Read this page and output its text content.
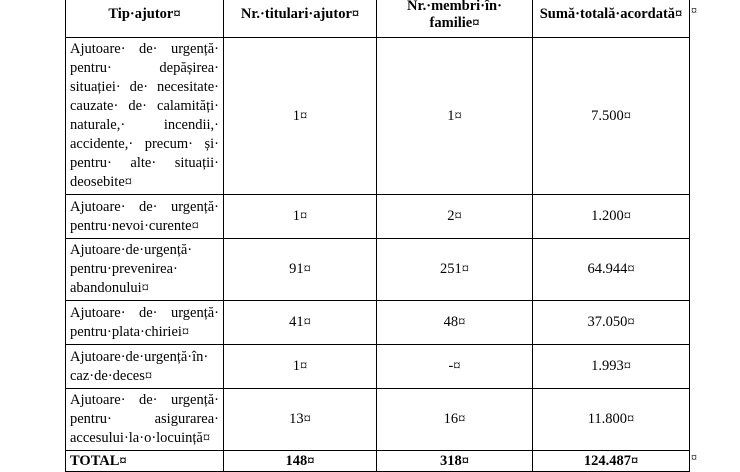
Tip·ajutor¤	Nr.·titulari·ajutor¤	Nr.·membri·în· familie¤	Sumă·totală·acordată¤
Ajutoare· de· urgență· pentru· depășirea· situației· de· necesitate· cauzate· de· calamități· naturale,· incendii,· accidente,· precum· și· pentru· alte· situații· deosebite¤	1¤	1¤	7.500¤
Ajutoare· de· urgență· pentru·nevoi·curente¤	1¤	2¤	1.200¤
Ajutoare·de·urgență· pentru·prevenirea· abandonului¤	91¤	251¤	64.944¤
Ajutoare· de· urgență· pentru·plata·chiriei¤	41¤	48¤	37.050¤
Ajutoare·de·urgență·în· caz·de·deces¤	1¤	-¤	1.993¤
Ajutoare· de· urgență· pentru· asigurarea· accesului·la·o·locuință¤	13¤	16¤	11.800¤
TOTAL¤	148¤	318¤	124.487¤
¤
¤
